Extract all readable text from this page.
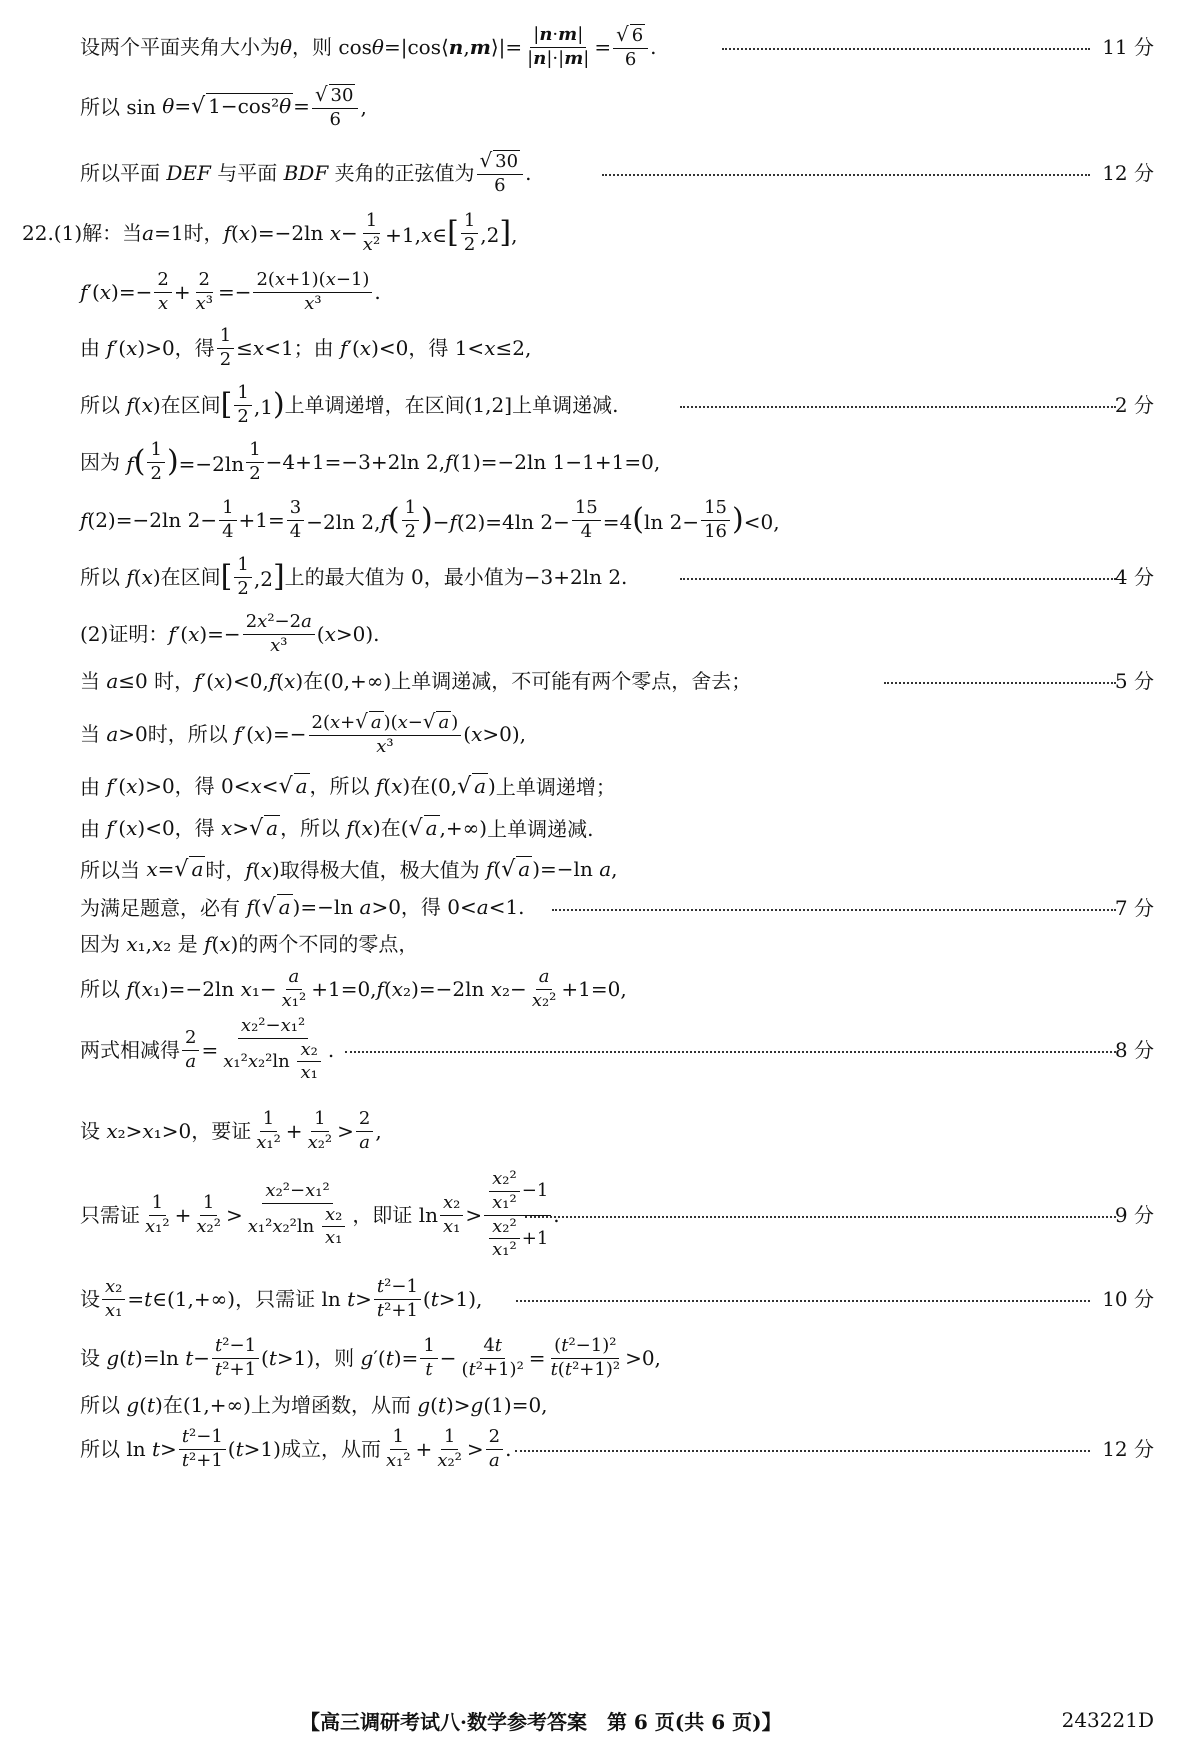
设两个平面夹角大小为 θ ，则 cos θ =|cos⟨n,m⟩|= $\frac{|n\cdot m|}{|n|\cdot|m|} = \frac{√ 6}{6}$ .	11 分
所以 sin θ=√ $1-\cos^2\theta = \frac{√ 30}{6}$ ,
所以平面 DEF 与平面 BDF 夹角的正弦值为 $\frac{√ 30}{6}$ .	12 分
22.(1)解：当 a=1 时， f(x)=−2ln $x- \frac{1}{\text{x²}}$ +1,x∈[ $\frac{1}{2} ,2$],
$f'(x)=- \frac{2}{x} + \frac{2}{\text{x³}} =- \frac{2(x+1)(x-1)}{\text{x³}}$ .
由 f′(x)>0，得 $\frac{1}{2} \le x<1$；由 f′(x)<0，得 1<x≤2,
所以 f(x) 在区间 [ $\frac{1}{2} ,1$) 上单调递增，在区间(1,2]上单调递减.	2 分
因为 $f( \frac{1}{2} )=-2\ln \frac{1}{2} -4+1=-3+2\ln$ 2,f(1)=−2ln 1−1+1=0,
f(2)=−2ln $2- \frac{1}{4} +1= \frac{3}{4} -2\ln$ $2,f( \frac{1}{2} )-f(2)=4\ln$ $2- \frac{15}{4} =4(\ln$ $2- \frac{15}{16} )<0$,
所以 f(x) 在区间 [ $\frac{1}{2} ,2$] 上的最大值为 0，最小值为−3+2ln 2.	4 分
(2)证明： $f'(x)=- \frac{\text{2x²−2a}}{\text{x³}} (x>0)$.
当 a≤0 时，f′(x)<0,f(x) 在(0,+∞)上单调递减，不可能有两个零点，舍去；	5 分
当 a>0 时，所以 $f'(x)=- \frac{2(x+√ a )(x-√ a )}{\text{x³}} (x>0)$,
由 f′(x)>0，得 0<x<√ a ，所以 f(x)在(0,√ a ) 上单调递增；
由 f′(x)<0，得 x>√ a ，所以 f(x)在(√ a ,+∞) 上单调递减.
所以当 x=√ a 时， f(x) 取得极大值，极大值为 f(√ a )=−ln a,
为满足题意，必有 f(√ a )=−ln a>0，得 0<a<1.	7 分
因为 x₁,x₂ 是 f(x) 的两个不同的零点，
所以 f(x₁)=−2ln $x_1- \frac{a}{\text{x₁²}} +1=0,f(x_2)=-2\ln$ $x_2- \frac{a}{\text{x₂²}} +1=0$,
两式相减得 $\frac{2}{a} = \frac{\text{x₂²−x₁²}}{x_1^2x_2^2\ln \frac{\text{x₂}}{\text{x₁}}}$ .	8 分
设 x₂>x₁>0 ，要证 $\frac{1}{\text{x₁²}} + \frac{1}{\text{x₂²}} > \frac{2}{a}$ ,
只需证 $\frac{1}{\text{x₁²}} + \frac{1}{\text{x₂²}} > \frac{\text{x₂²−x₁²}}{x_1^2x_2^2\ln \frac{\text{x₂}}{\text{x₁}}}$ ，即证 $\ln \frac{\text{x₂}}{\text{x₁}} > \frac{\frac{\text{x₂²}}{\text{x₁²}} -1}{\frac{\text{x₂²}}{\text{x₁²}} +1}$ .	9 分
设 $\frac{\text{x₂}}{\text{x₁}}$ =t∈(1,+∞) ，只需证 $\ln t> \frac{\text{t²−1}}{\text{t²+1}} (t>1)$,	10 分
设 g(t)=ln $t- \frac{\text{t²−1}}{\text{t²+1}} (t>1)$ ，则 $g'(t)= \frac{1}{t} - \frac{4t}{\text{(t²+1)²}} = \frac{\text{(t²−1)²}}{\text{t(t²+1)²}} >0$,
所以 g(t) 在(1,+∞)上为增函数，从而 g(t)>g(1)=0,
所以 $\ln t> \frac{\text{t²−1}}{\text{t²+1}} (t>1)$ 成立，从而 $\frac{1}{\text{x₁²}} + \frac{1}{\text{x₂²}} > \frac{2}{a}$ .	12 分
【高三调研考试八·数学参考答案　第 6 页(共 6 页)】	243221D
